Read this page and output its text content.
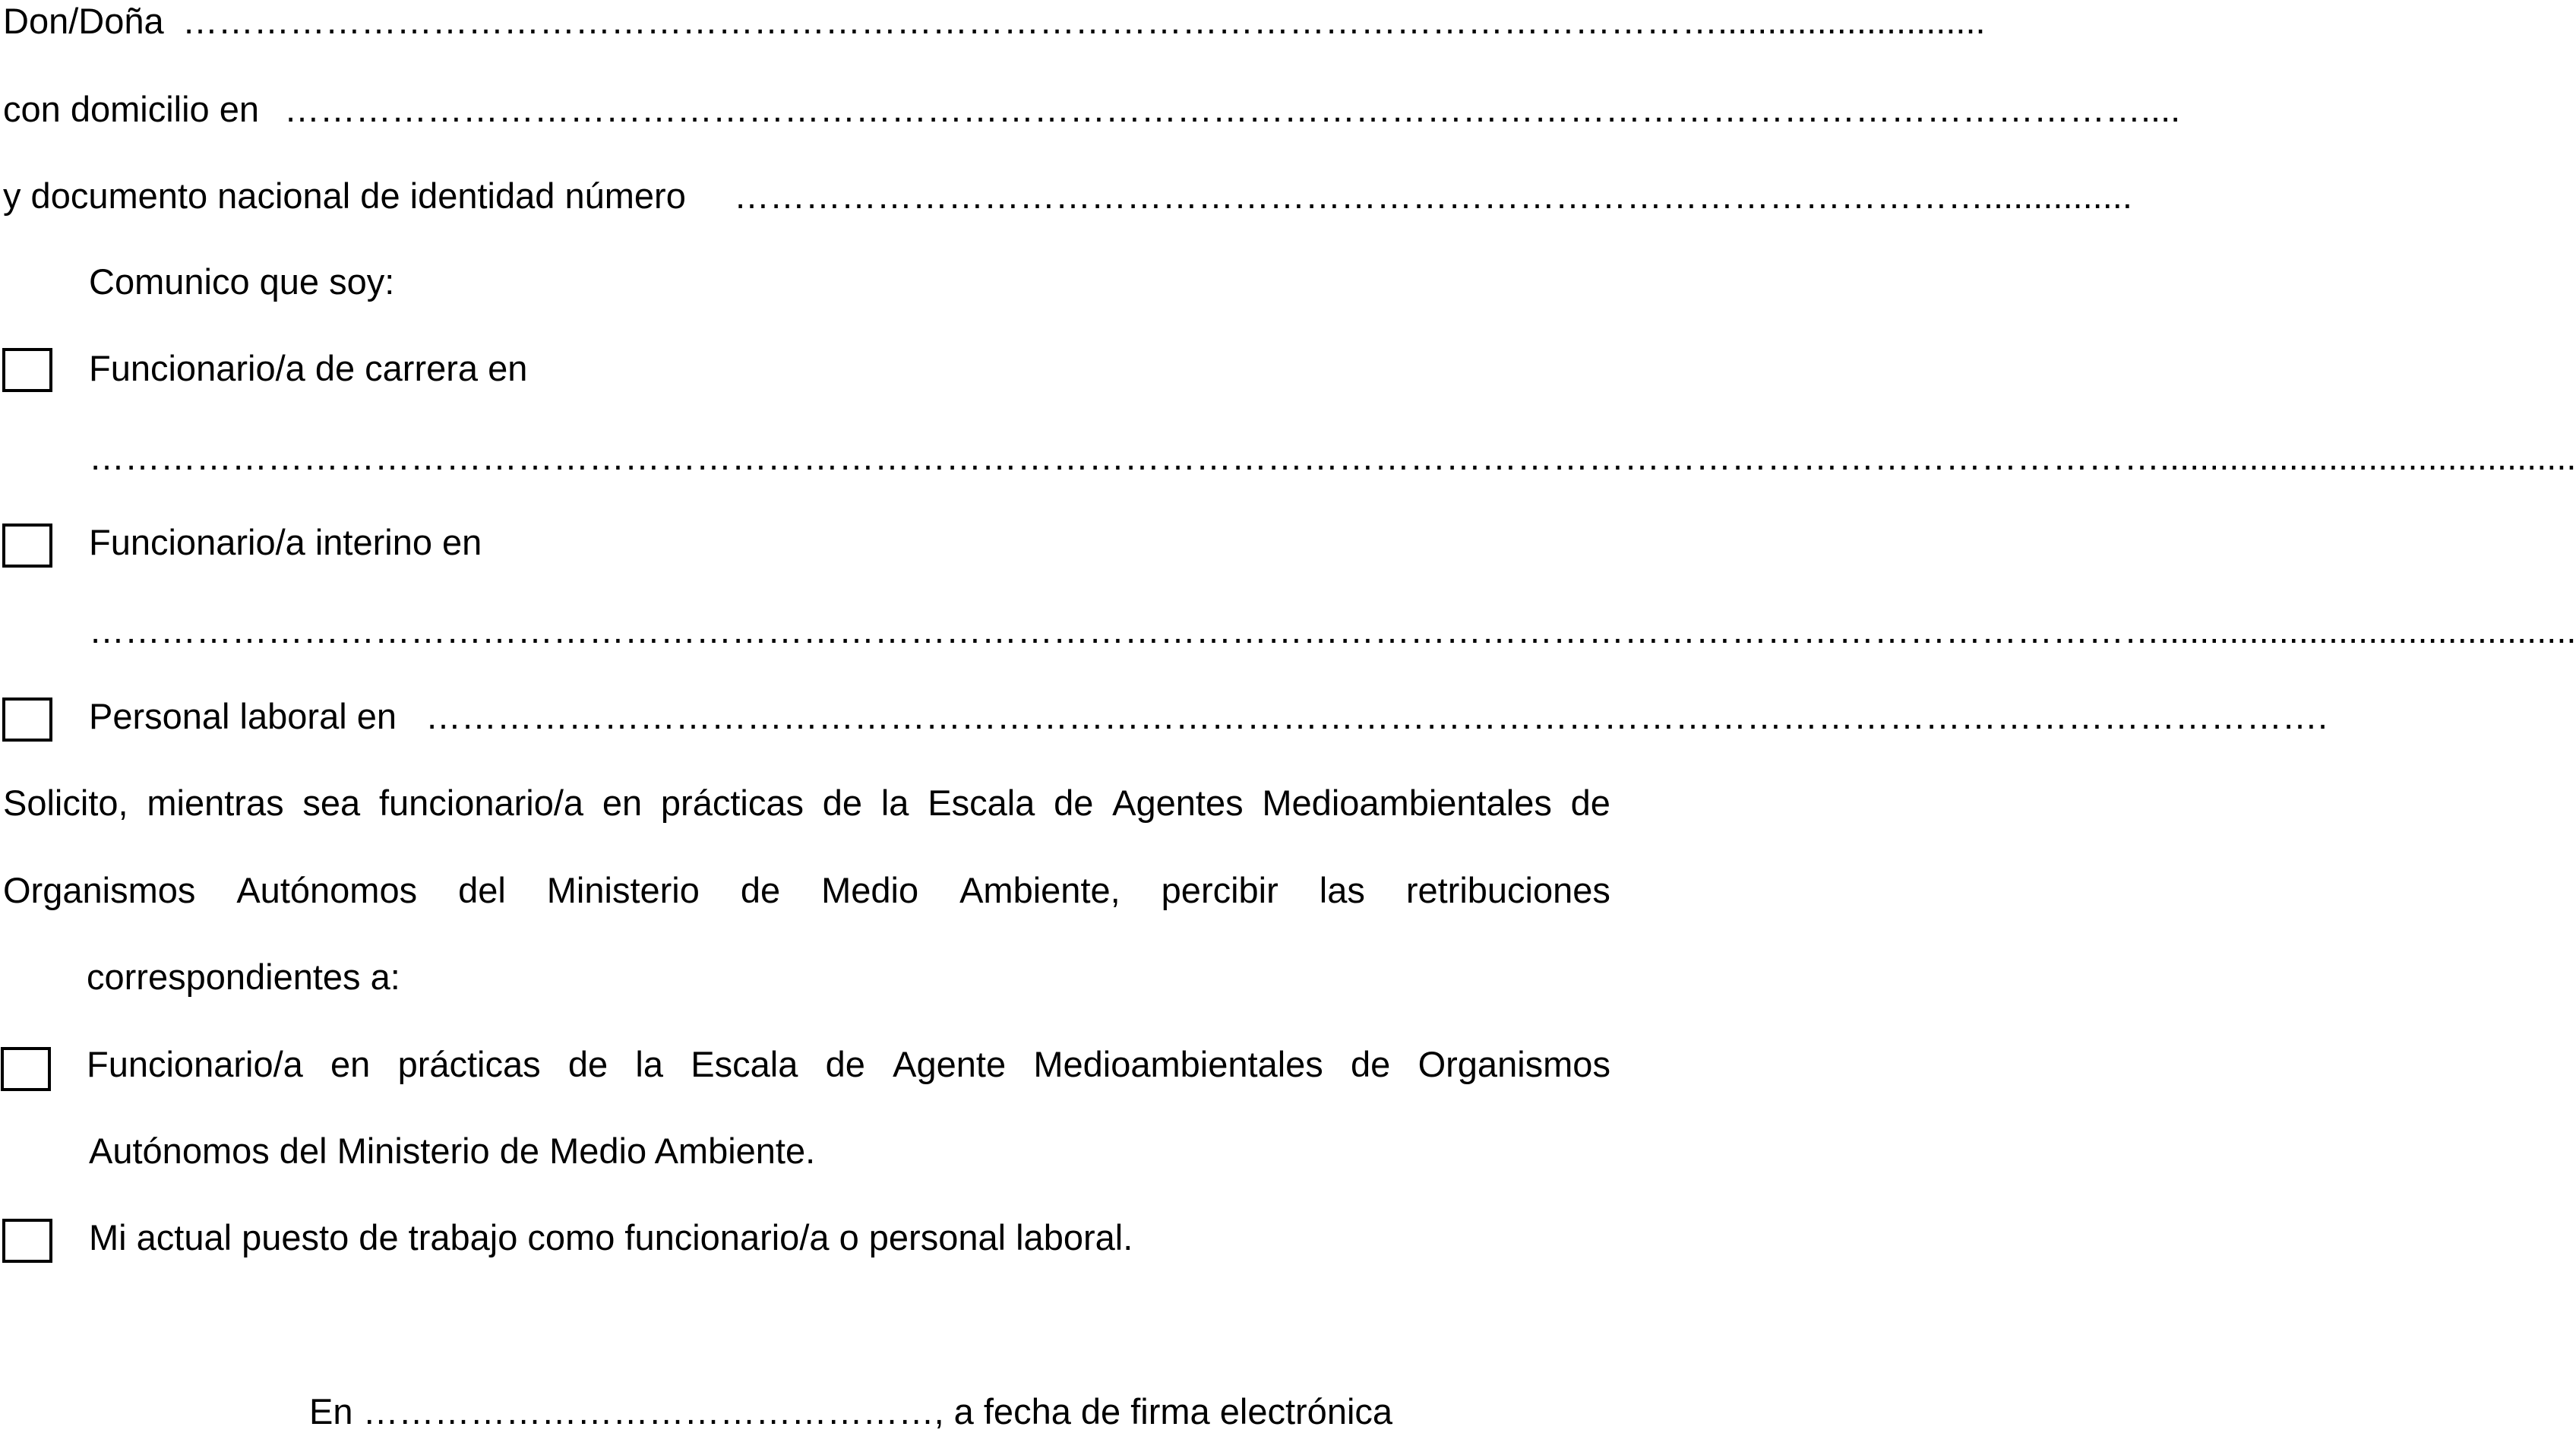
Don/Doña …………………………………………………………………………………………………………………...........................
con domicilio en …………………………………………………………………………………………………………………………………………....
y documento nacional de identidad número ……………………………………………………………………………………………...............
Comunico que soy:
Funcionario/a de carrera en
…………………………………………………………………………………………………………………………………………………………..........................................
Funcionario/a interino en
…………………………………………………………………………………………………………………………………………………………..........................................
Personal laboral en …………………………………………………………………………………………………………………………………………….
Solicito, mientras sea funcionario/a en prácticas de la Escala de Agentes Medioambientales de
Organismos Autónomos del Ministerio de Medio Ambiente, percibir las retribuciones
correspondientes a:
Funcionario/a en prácticas de la Escala de Agente Medioambientales de Organismos
Autónomos del Ministerio de Medio Ambiente.
Mi actual puesto de trabajo como funcionario/a o personal laboral.
En …………………………………………, a fecha de firma electrónica
